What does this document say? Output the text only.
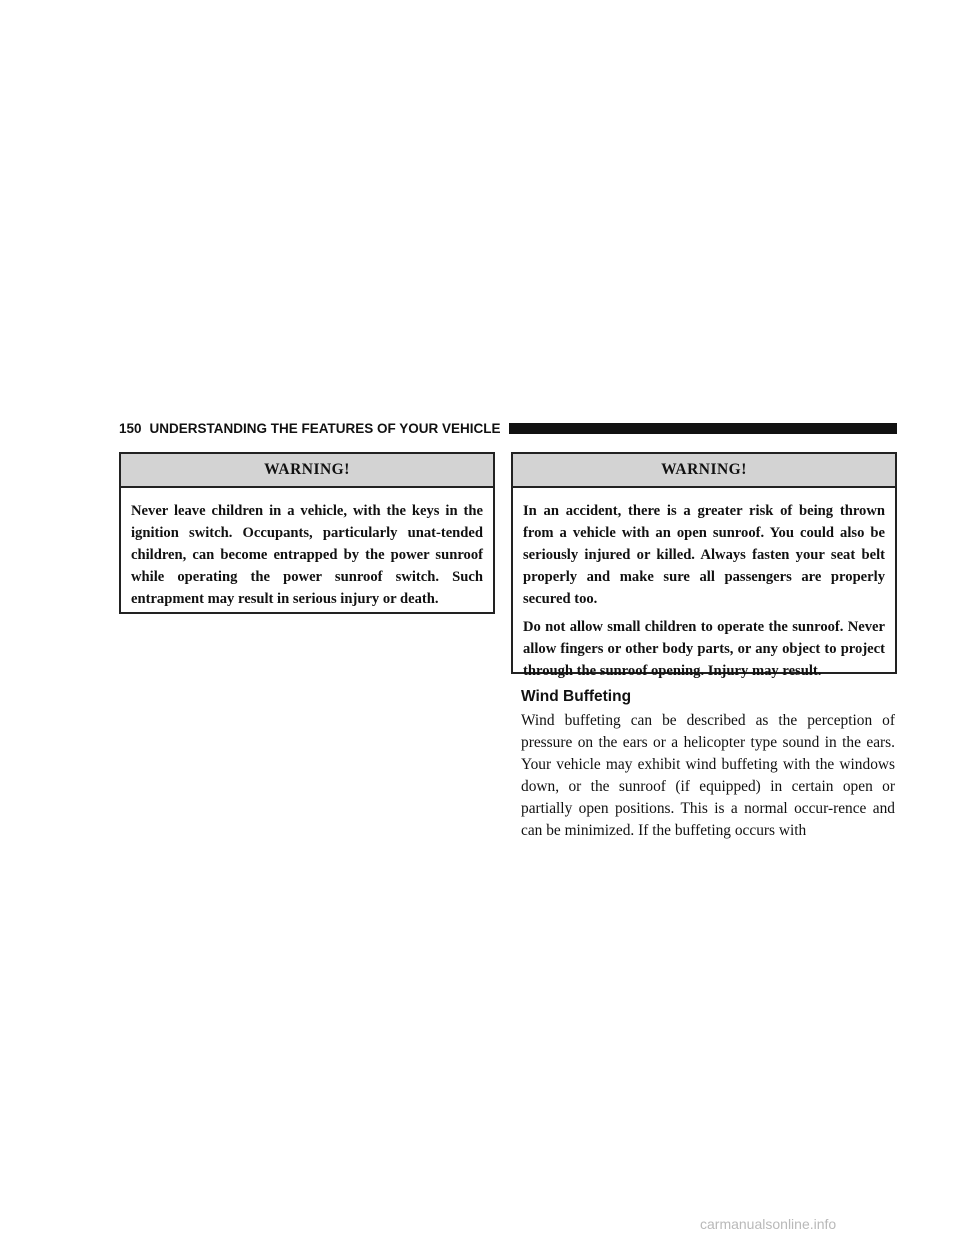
150 UNDERSTANDING THE FEATURES OF YOUR VEHICLE
WARNING!

Never leave children in a vehicle, with the keys in the ignition switch. Occupants, particularly unat-tended children, can become entrapped by the power sunroof while operating the power sunroof switch. Such entrapment may result in serious injury or death.

WARNING!

In an accident, there is a greater risk of being thrown from a vehicle with an open sunroof. You could also be seriously injured or killed. Always fasten your seat belt properly and make sure all passengers are properly secured too.

Do not allow small children to operate the sunroof. Never allow fingers or other body parts, or any object to project through the sunroof opening. Injury may result.

Wind Buffeting

Wind buffeting can be described as the perception of pressure on the ears or a helicopter type sound in the ears. Your vehicle may exhibit wind buffeting with the windows down, or the sunroof (if equipped) in certain open or partially open positions. This is a normal occur-rence and can be minimized. If the buffeting occurs with

carmanualsonline.info
